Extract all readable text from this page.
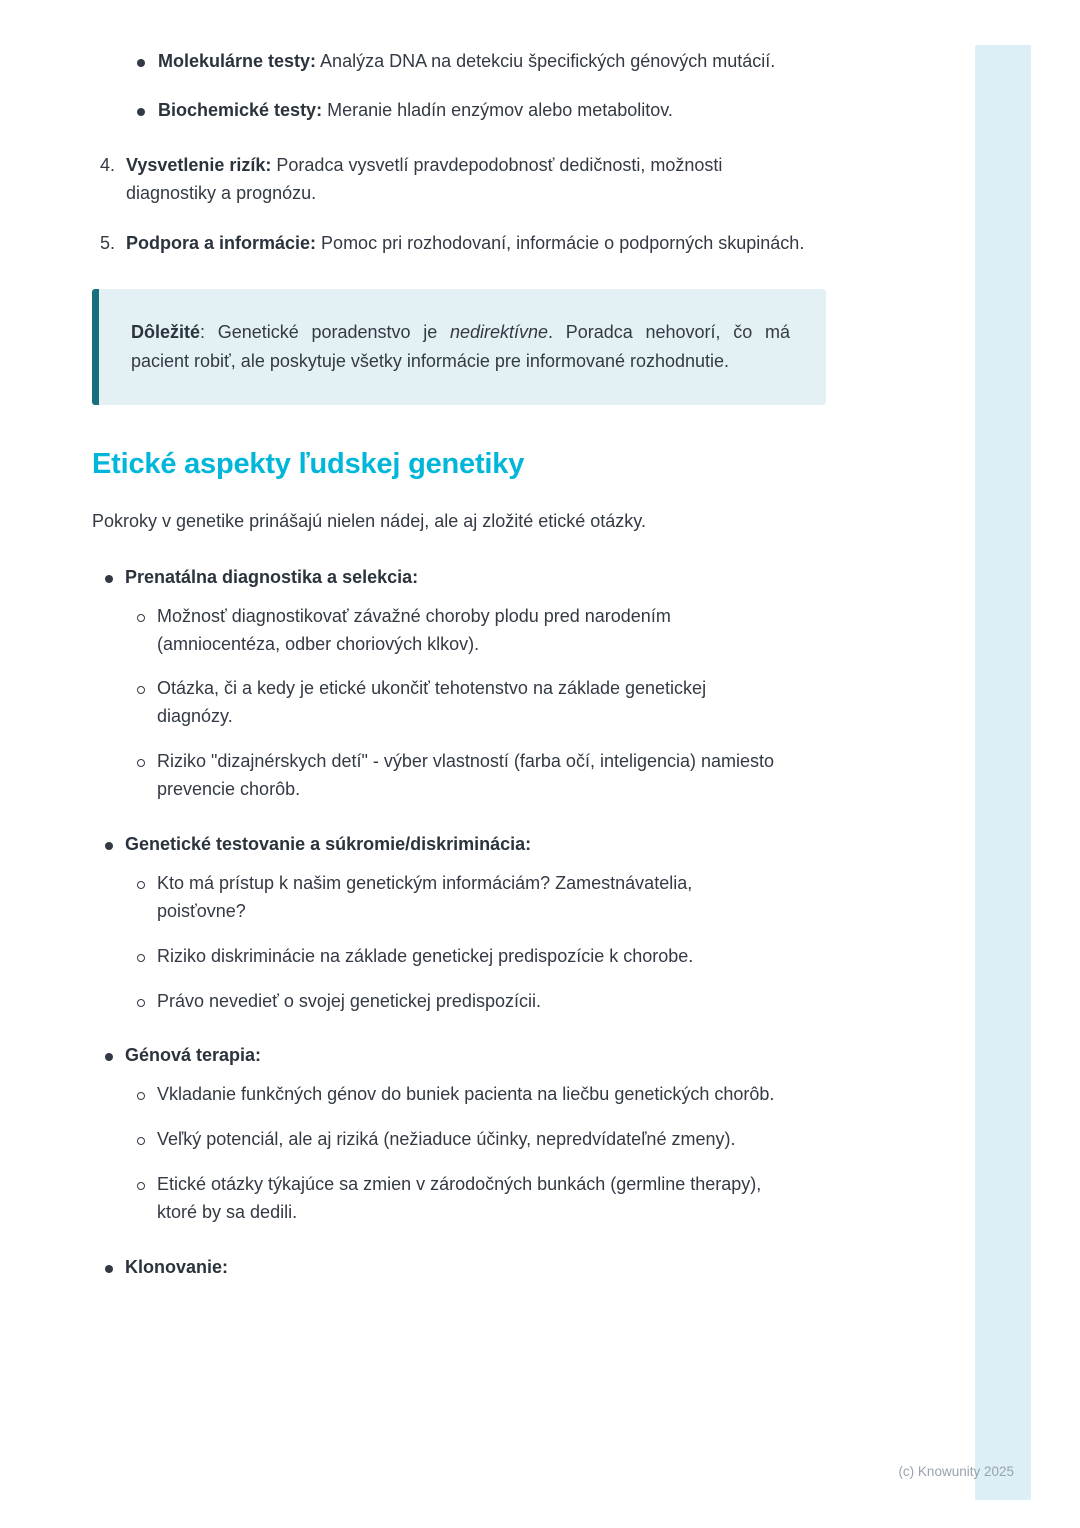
Molekulárne testy: Analýza DNA na detekciu špecifických génových mutácií.

Biochemické testy: Meranie hladín enzýmov alebo metabolitov.

4. Vysvetlenie rizík: Poradca vysvetlí pravdepodobnosť dedičnosti, možnosti diagnostiky a prognózu.

5. Podpora a informácie: Pomoc pri rozhodovaní, informácie o podporných skupinách.

Dôležité: Genetické poradenstvo je nedirektívne. Poradca nehovorí, čo má pacient robiť, ale poskytuje všetky informácie pre informované rozhodnutie.

Etické aspekty ľudskej genetiky

Pokroky v genetike prinášajú nielen nádej, ale aj zložité etické otázky.

Prenatálna diagnostika a selekcia:

Možnosť diagnostikovať závažné choroby plodu pred narodením (amniocentéza, odber choriových klkov).

Otázka, či a kedy je etické ukončiť tehotenstvo na základe genetickej diagnózy.

Riziko "dizajnérskych detí" - výber vlastností (farba očí, inteligencia) namiesto prevencie chorôb.

Genetické testovanie a súkromie/diskriminácia:

Kto má prístup k našim genetickým informáciám? Zamestnávatelia, poisťovne?

Riziko diskriminácie na základe genetickej predispozície k chorobe.

Právo nevedieť o svojej genetickej predispozícii.

Génová terapia:

Vkladanie funkčných génov do buniek pacienta na liečbu genetických chorôb.

Veľký potenciál, ale aj riziká (nežiaduce účinky, nepredvídateľné zmeny).

Etické otázky týkajúce sa zmien v zárodočných bunkách (germline therapy), ktoré by sa dedili.

Klonovanie:

(c) Knowunity 2025
